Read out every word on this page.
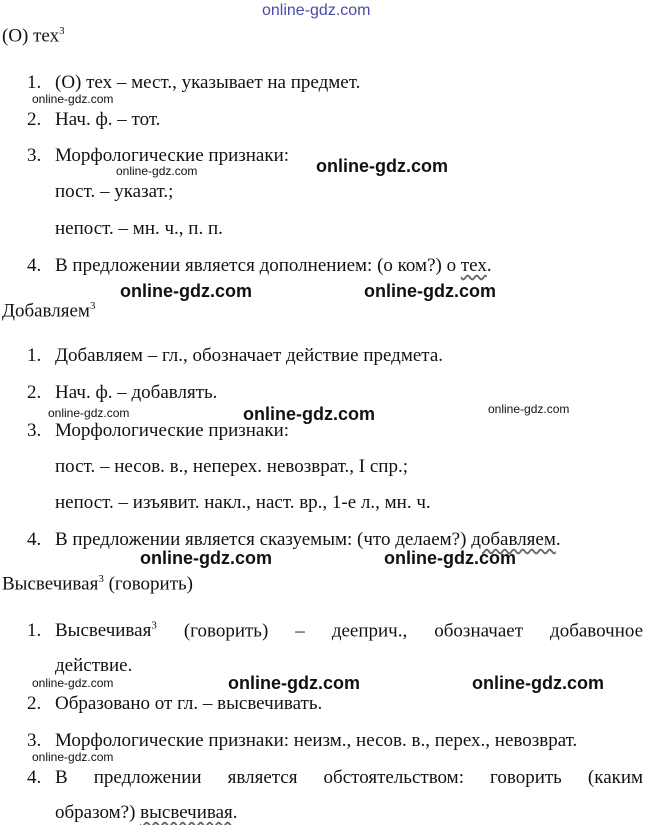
online-gdz.com
online-gdz.com
online-gdz.com
online-gdz.com
online-gdz.com	online-gdz.com
online-gdz.com	online-gdz.com	online-gdz.com
online-gdz.com	online-gdz.com
online-gdz.com	online-gdz.com	online-gdz.com
online-gdz.com
(О) тех$^3$
1. (О) тех – мест., указывает на предмет.
2. Нач. ф. – тот.
3. Морфологические признаки:
пост. – указат.;
непост. – мн. ч., п. п.
4. В предложении является дополнением: (о ком?) о тех.
Добавляем$^3$
1. Добавляем – гл., обозначает действие предмета.
2. Нач. ф. – добавлять.
3. Морфологические признаки:
пост. – несов. в., неперех. невозврат., I спр.;
непост. – изъявит. накл., наст. вр., 1-е л., мн. ч.
4. В предложении является сказуемым: (что делаем?) добавляем.
Высвечивая$^3$ (говорить)
1. Высвечивая$^3$ (говорить) – дееприч., обозначает добавочное
действие.
2. Образовано от гл. – высвечивать.
3. Морфологические признаки: неизм., несов. в., перех., невозврат.
4. В предложении является обстоятельством: говорить (каким
образом?) высвечивая.
